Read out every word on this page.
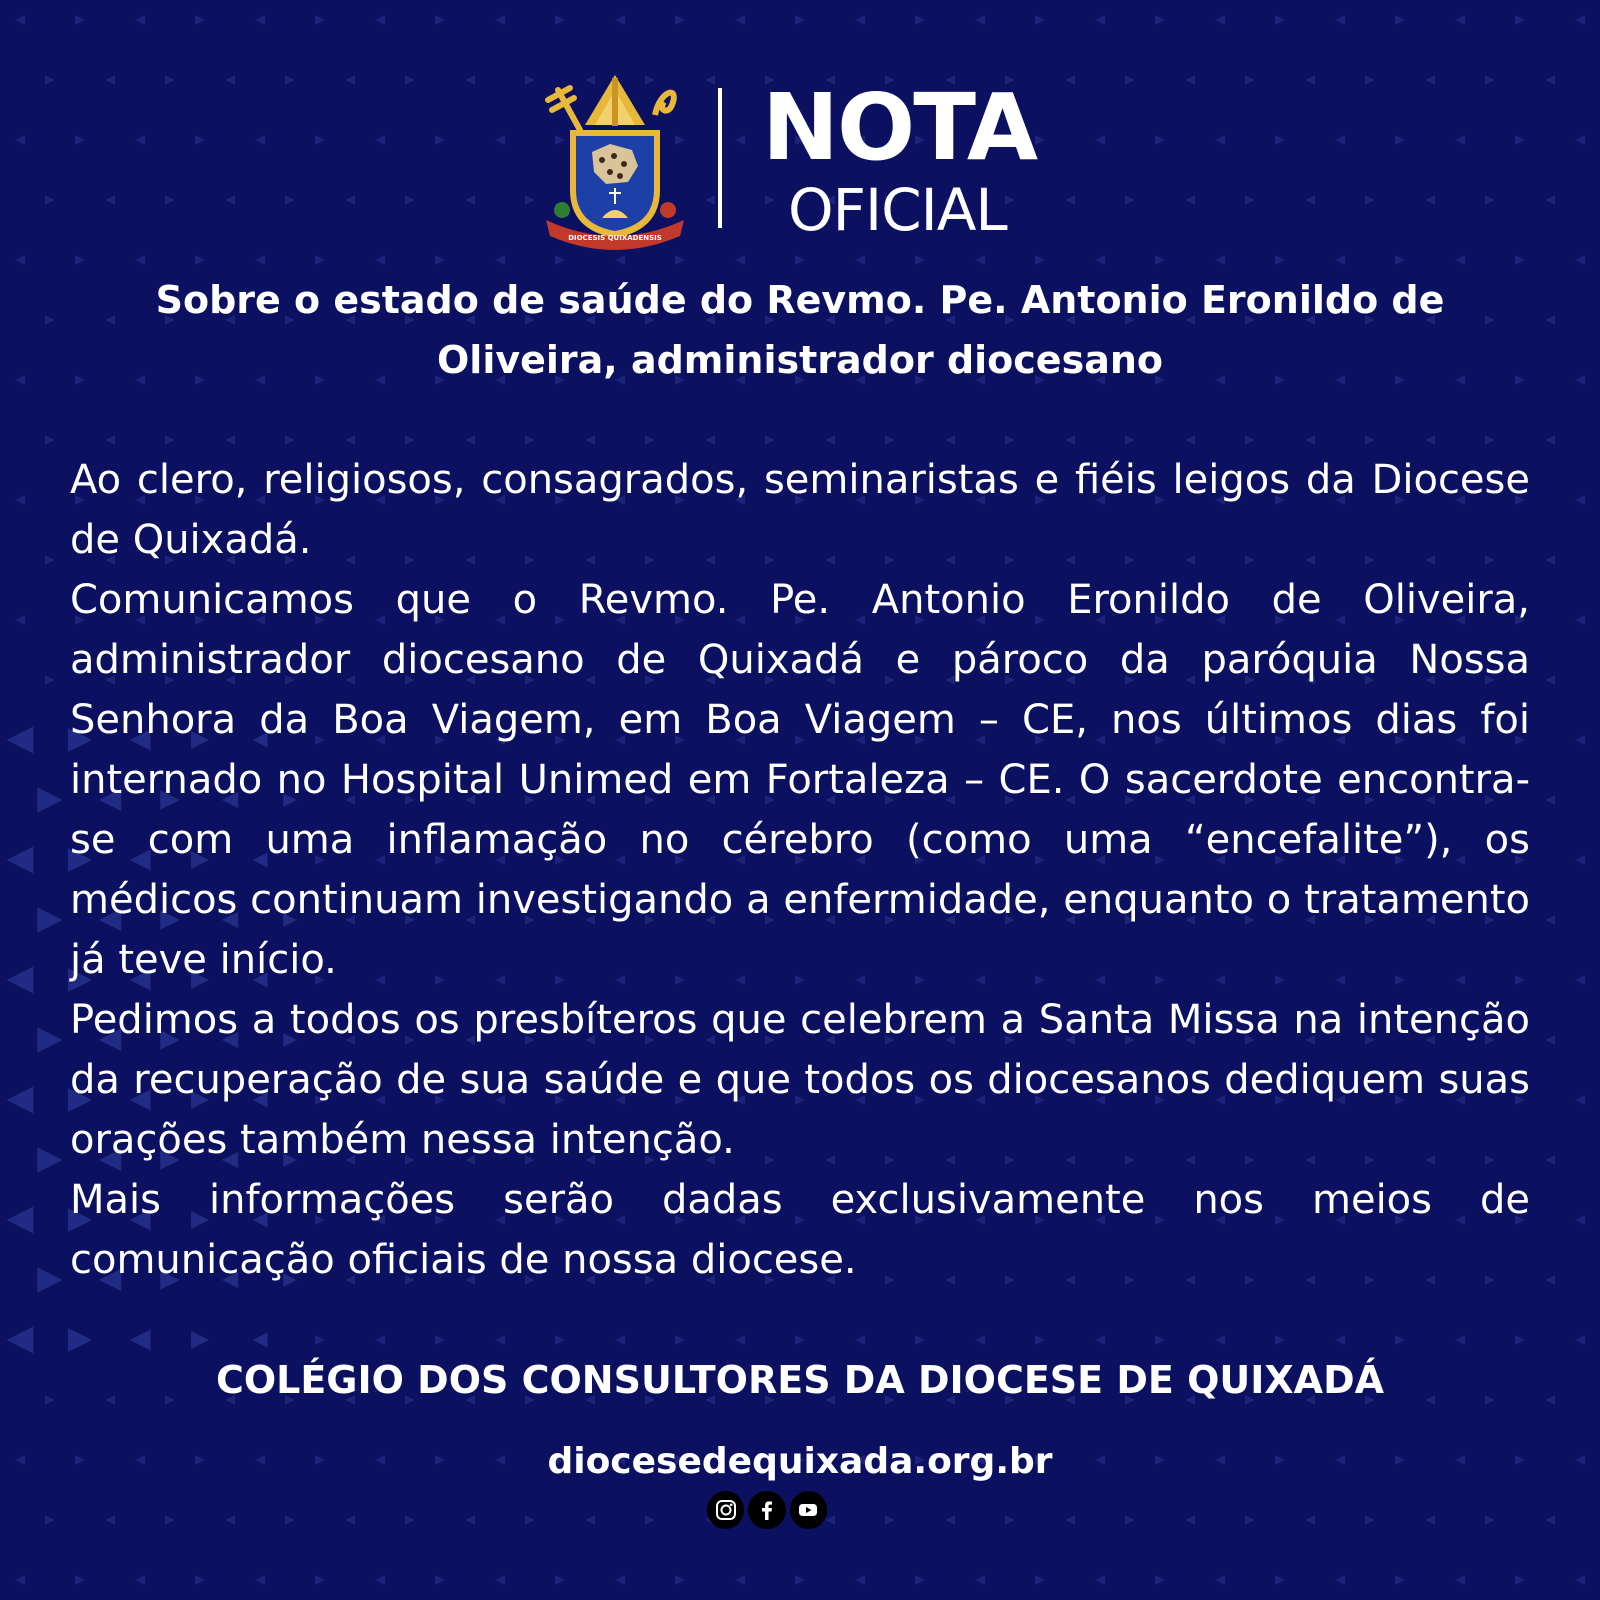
DIOCESIS QUIXADENSIS
NOTA
OFICIAL
Sobre o estado de saúde do Revmo. Pe. Antonio Eronildo de
Oliveira, administrador diocesano

Ao clero, religiosos, consagrados, seminaristas e fiéis leigos da Diocese de Quixadá.

Comunicamos que o Revmo. Pe. Antonio Eronildo de Oliveira, administrador diocesano de Quixadá e pároco da paróquia Nossa Senhora da Boa Viagem, em Boa Viagem – CE, nos últimos dias foi internado no Hospital Unimed em Fortaleza – CE. O sacerdote encontra-se com uma inflamação no cérebro (como uma “encefalite”), os médicos continuam investigando a enfermidade, enquanto o tratamento já teve início.

Pedimos a todos os presbíteros que celebrem a Santa Missa na intenção da recuperação de sua saúde e que todos os diocesanos dediquem suas orações também nessa intenção.

Mais informações serão dadas exclusivamente nos meios de comunicação oficiais de nossa diocese.

COLÉGIO DOS CONSULTORES DA DIOCESE DE QUIXADÁ
diocesedequixada.org.br
